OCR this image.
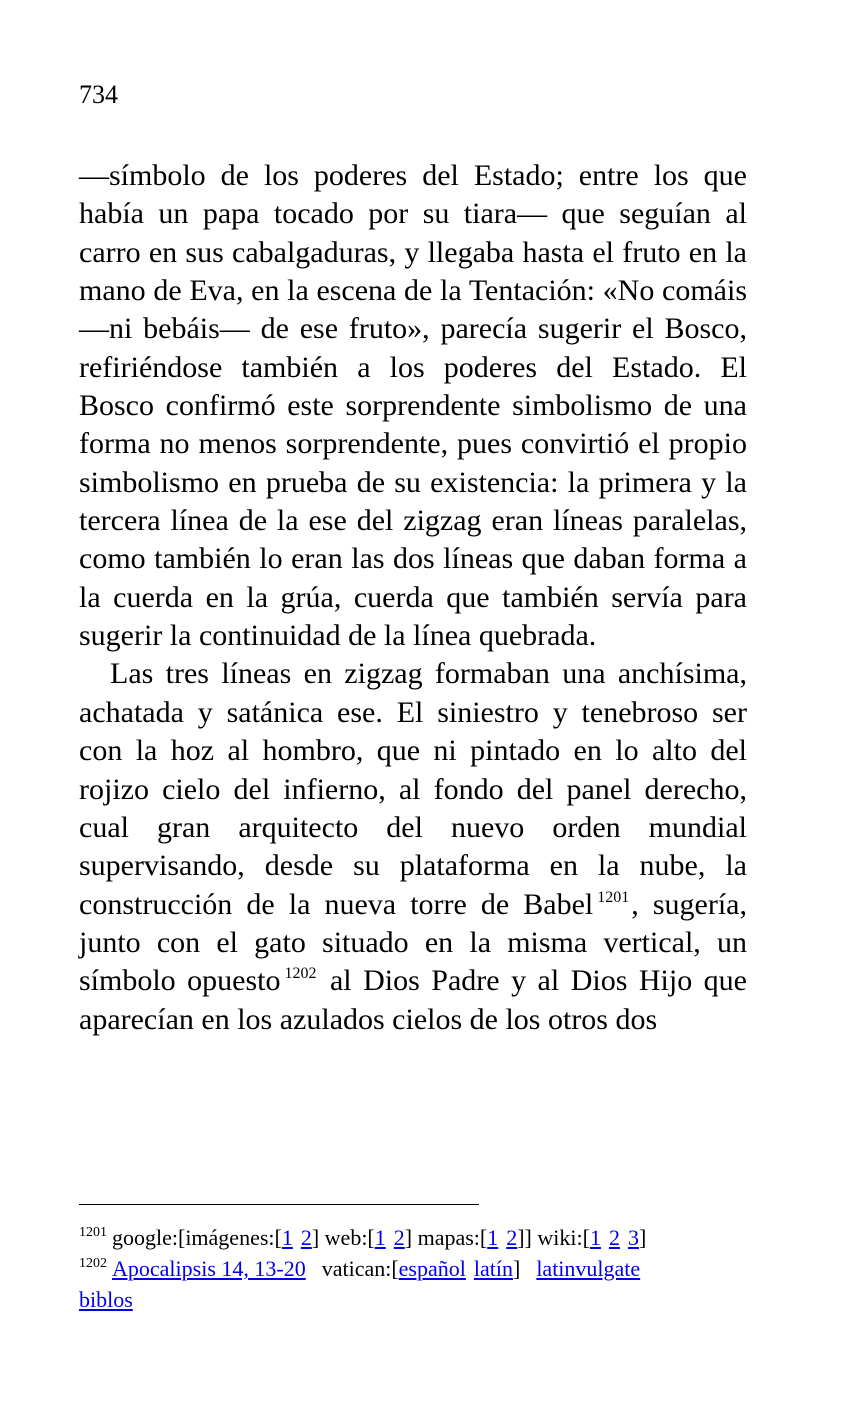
734

—símbolo de los poderes del Estado; entre los que había un papa tocado por su tiara— que seguían al carro en sus cabalgaduras, y llegaba hasta el fruto en la mano de Eva, en la escena de la Tentación: «No comáis —ni bebáis— de ese fruto», parecía sugerir el Bosco, refiriéndose también a los poderes del Estado. El Bosco confirmó este sorprendente simbolismo de una forma no menos sorprendente, pues convirtió el propio simbolismo en prueba de su existencia: la primera y la tercera línea de la ese del zigzag eran líneas paralelas, como también lo eran las dos líneas que daban forma a la cuerda en la grúa, cuerda que también servía para sugerir la continuidad de la línea quebrada.

Las tres líneas en zigzag formaban una anchísima, achatada y satánica ese. El siniestro y tenebroso ser con la hoz al hombro, que ni pintado en lo alto del rojizo cielo del infierno, al fondo del panel derecho, cual gran arquitecto del nuevo orden mundial supervisando, desde su plataforma en la nube, la construcción de la nueva torre de Babel $^{1201}$, sugería, junto con el gato situado en la misma vertical, un símbolo opuesto $^{1202}$ al Dios Padre y al Dios Hijo que aparecían en los azulados cielos de los otros dos

$^{1201}$ google:[imágenes:[1 2] web:[1 2] mapas:[1 2]] wiki:[1 2 3]

$^{1202}$ Apocalipsis 14, 13-20 vatican:[español latín] latinvulgate

biblos
